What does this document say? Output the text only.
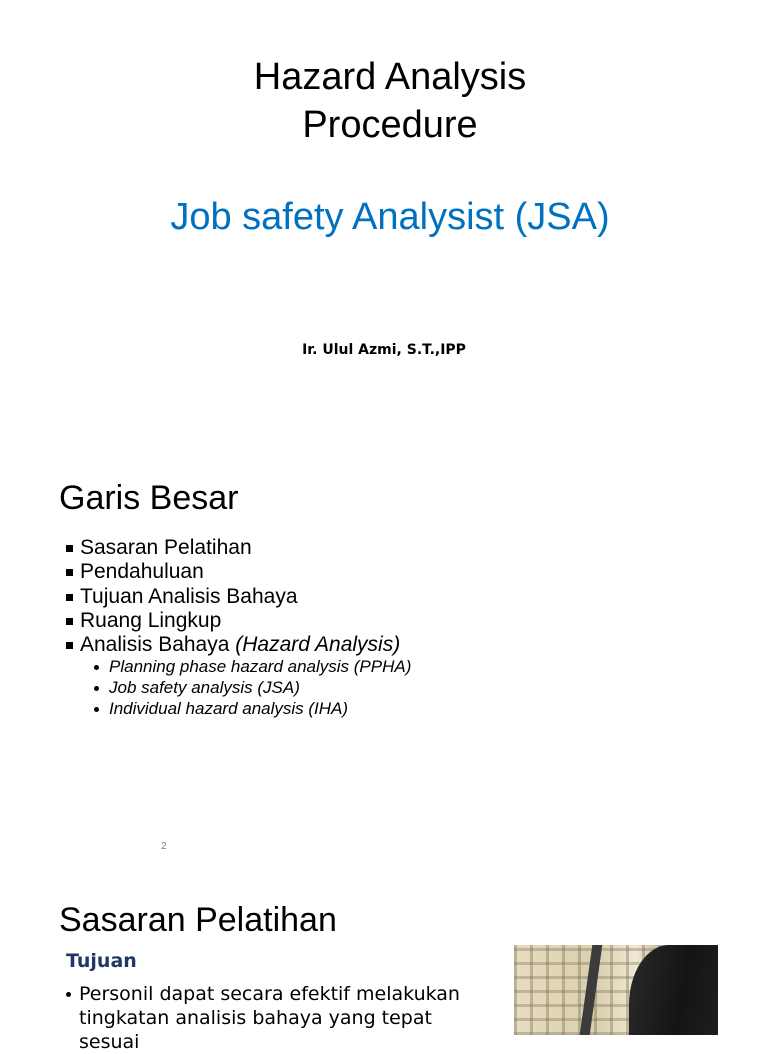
Hazard Analysis
Procedure
Job safety Analysist (JSA)
Ir. Ulul Azmi, S.T.,IPP
Garis Besar
Sasaran Pelatihan
Pendahuluan
Tujuan Analisis Bahaya
Ruang Lingkup
Analisis Bahaya (Hazard Analysis)
Planning phase hazard analysis (PPHA)
Job safety analysis (JSA)
Individual hazard analysis (IHA)
2
Sasaran Pelatihan
Tujuan
Personil dapat secara efektif melakukan
tingkatan analisis bahaya yang tepat sesuai
